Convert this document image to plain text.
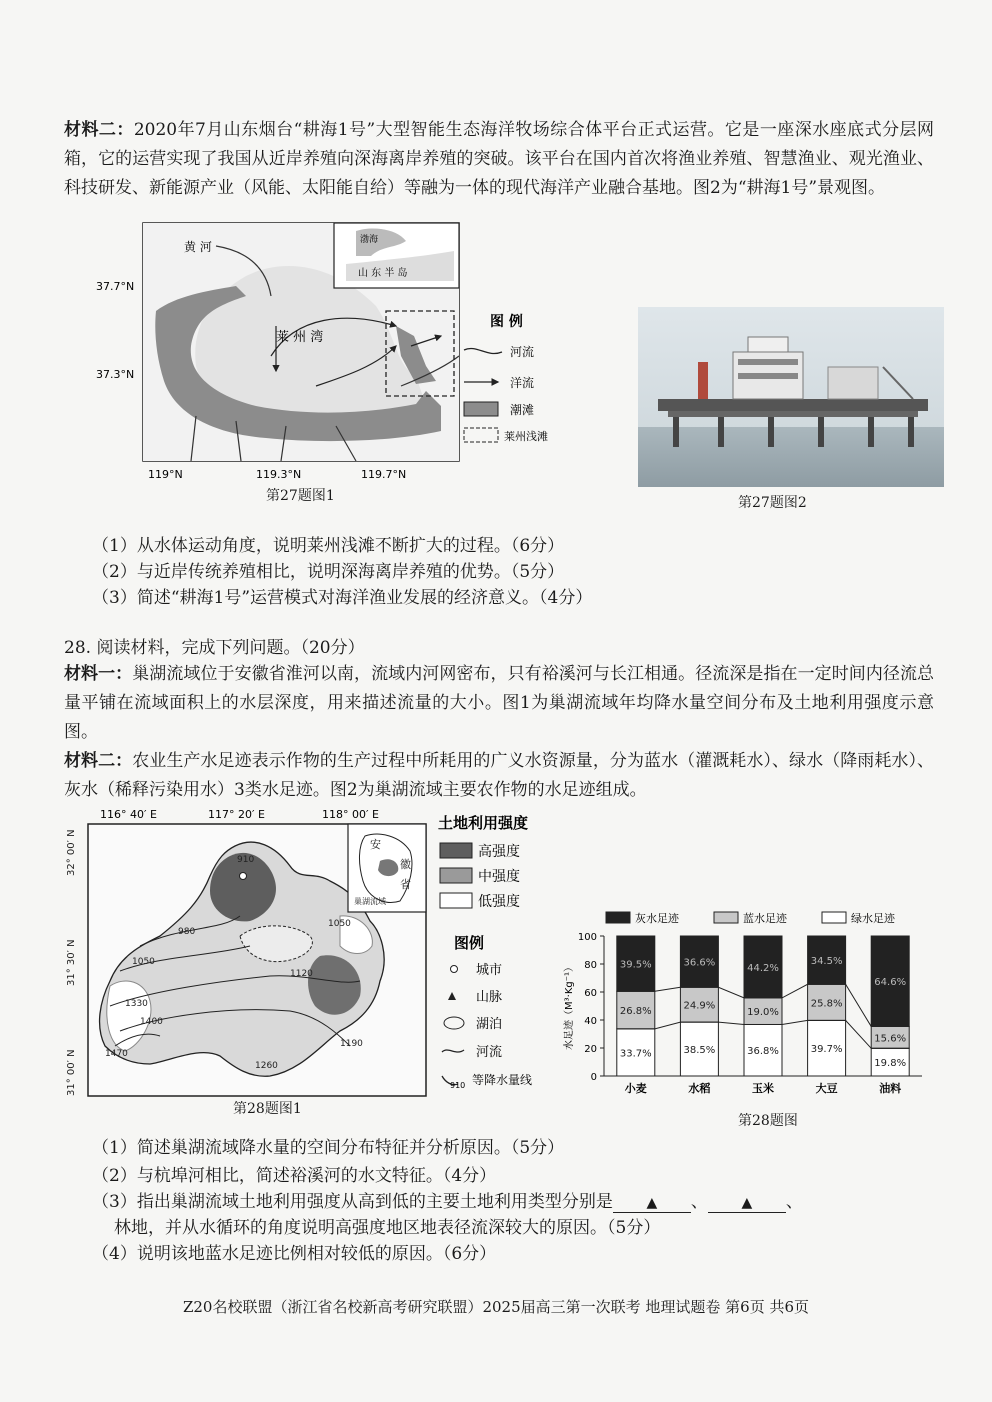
材料二：2020年7月山东烟台“耕海1号”大型智能生态海洋牧场综合体平台正式运营。它是一座深水座底式分层网箱，它的运营实现了我国从近岸养殖向深海离岸养殖的突破。该平台在国内首次将渔业养殖、智慧渔业、观光渔业、科技研发、新能源产业（风能、太阳能自给）等融为一体的现代海洋产业融合基地。图2为“耕海1号”景观图。
渤海
山 东 半 岛
黄 河
莱 州 湾
37.7°N
37.3°N
119°N	119.3°N	119.7°N
图 例
河流
洋流
潮滩
莱州浅滩
第27题图1	第27题图2
（1）从水体运动角度，说明莱州浅滩不断扩大的过程。（6分）
（2）与近岸传统养殖相比，说明深海离岸养殖的优势。（5分）
（3）简述“耕海1号”运营模式对海洋渔业发展的经济意义。（4分）
28. 阅读材料，完成下列问题。（20分）
材料一：巢湖流域位于安徽省淮河以南，流域内河网密布，只有裕溪河与长江相通。径流深是指在一定时间内径流总量平铺在流域面积上的水层深度，用来描述流量的大小。图1为巢湖流域年均降水量空间分布及土地利用强度示意图。
材料二：农业生产水足迹表示作物的生产过程中所耗用的广义水资源量，分为蓝水（灌溉耗水）、绿水（降雨耗水）、灰水（稀释污染用水）3类水足迹。图2为巢湖流域主要农作物的水足迹组成。
116° 40′ E	117° 20′ E	118° 00′ E
32° 00′ N
31° 30′ N
31° 00′ N
910
980
1050
1120
1190
1260
1330
1400
1470
1050
安
徽
省
巢湖流域
土地利用强度
高强度
中强度
低强度
图例
城市
山脉
湖泊
河流
910 等降水量线
第28题图1
灰水足迹	蓝水足迹	绿水足迹
0
20
40
60
80
100
水足迹（M³·Kg⁻¹）
33.7%
26.8%
39.5%
小麦
38.5%
24.9%
36.6%
水稻
36.8%
19.0%
44.2%
玉米
39.7%
25.8%
34.5%
大豆
19.8%
15.6%
64.6%
油料
第28题图
（1）简述巢湖流域降水量的空间分布特征并分析原因。（5分）
（2）与杭埠河相比，简述裕溪河的水文特征。（4分）
（3）指出巢湖流域土地利用强度从高到低的主要土地利用类型分别是 ▲ 、 ▲ 、
林地，并从水循环的角度说明高强度地区地表径流深较大的原因。（5分）
（4）说明该地蓝水足迹比例相对较低的原因。（6分）
Z20名校联盟（浙江省名校新高考研究联盟）2025届高三第一次联考 地理试题卷 第6页 共6页
